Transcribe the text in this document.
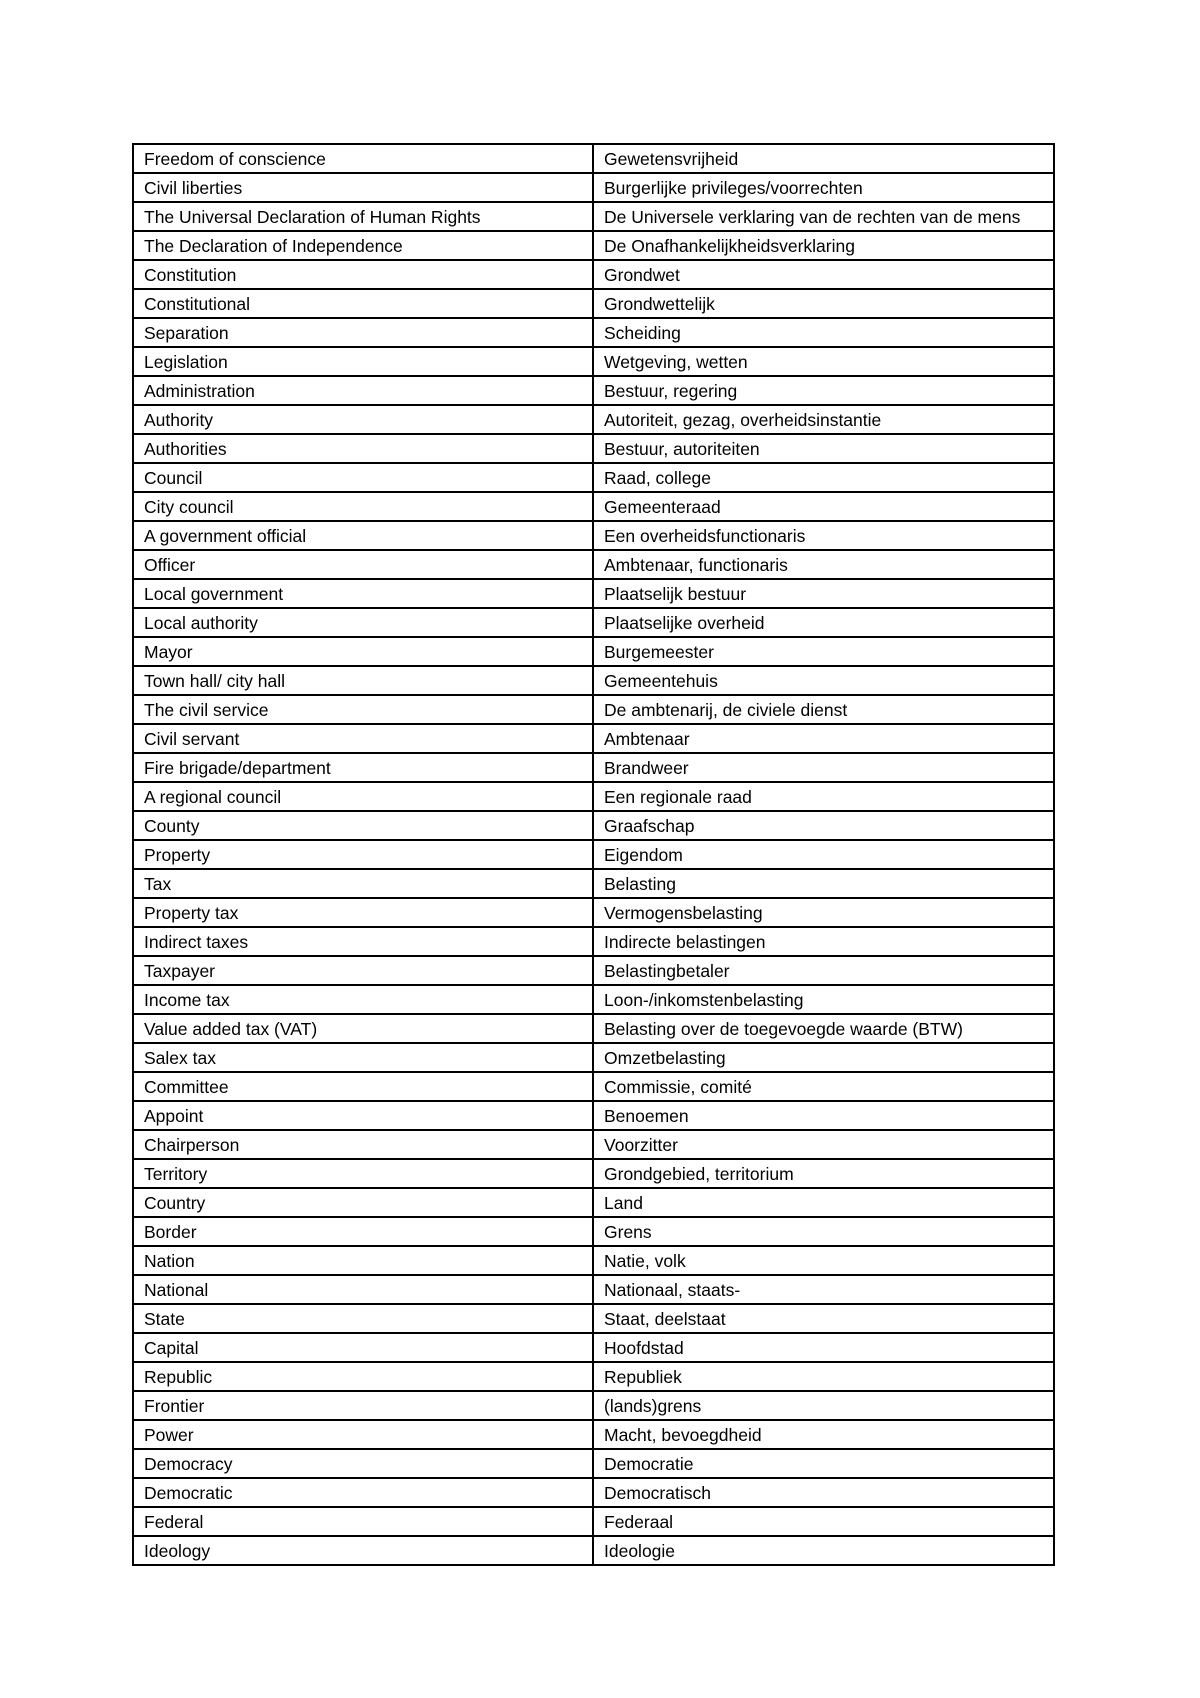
Freedom of conscience	Gewetensvrijheid
Civil liberties	Burgerlijke privileges/voorrechten
The Universal Declaration of Human Rights	De Universele verklaring van de rechten van de mens
The Declaration of Independence	De Onafhankelijkheidsverklaring
Constitution	Grondwet
Constitutional	Grondwettelijk
Separation	Scheiding
Legislation	Wetgeving, wetten
Administration	Bestuur, regering
Authority	Autoriteit, gezag, overheidsinstantie
Authorities	Bestuur, autoriteiten
Council	Raad, college
City council	Gemeenteraad
A government official	Een overheidsfunctionaris
Officer	Ambtenaar, functionaris
Local government	Plaatselijk bestuur
Local authority	Plaatselijke overheid
Mayor	Burgemeester
Town hall/ city hall	Gemeentehuis
The civil service	De ambtenarij, de civiele dienst
Civil servant	Ambtenaar
Fire brigade/department	Brandweer
A regional council	Een regionale raad
County	Graafschap
Property	Eigendom
Tax	Belasting
Property tax	Vermogensbelasting
Indirect taxes	Indirecte belastingen
Taxpayer	Belastingbetaler
Income tax	Loon-/inkomstenbelasting
Value added tax (VAT)	Belasting over de toegevoegde waarde (BTW)
Salex tax	Omzetbelasting
Committee	Commissie, comité
Appoint	Benoemen
Chairperson	Voorzitter
Territory	Grondgebied, territorium
Country	Land
Border	Grens
Nation	Natie, volk
National	Nationaal, staats-
State	Staat, deelstaat
Capital	Hoofdstad
Republic	Republiek
Frontier	(lands)grens
Power	Macht, bevoegdheid
Democracy	Democratie
Democratic	Democratisch
Federal	Federaal
Ideology	Ideologie
